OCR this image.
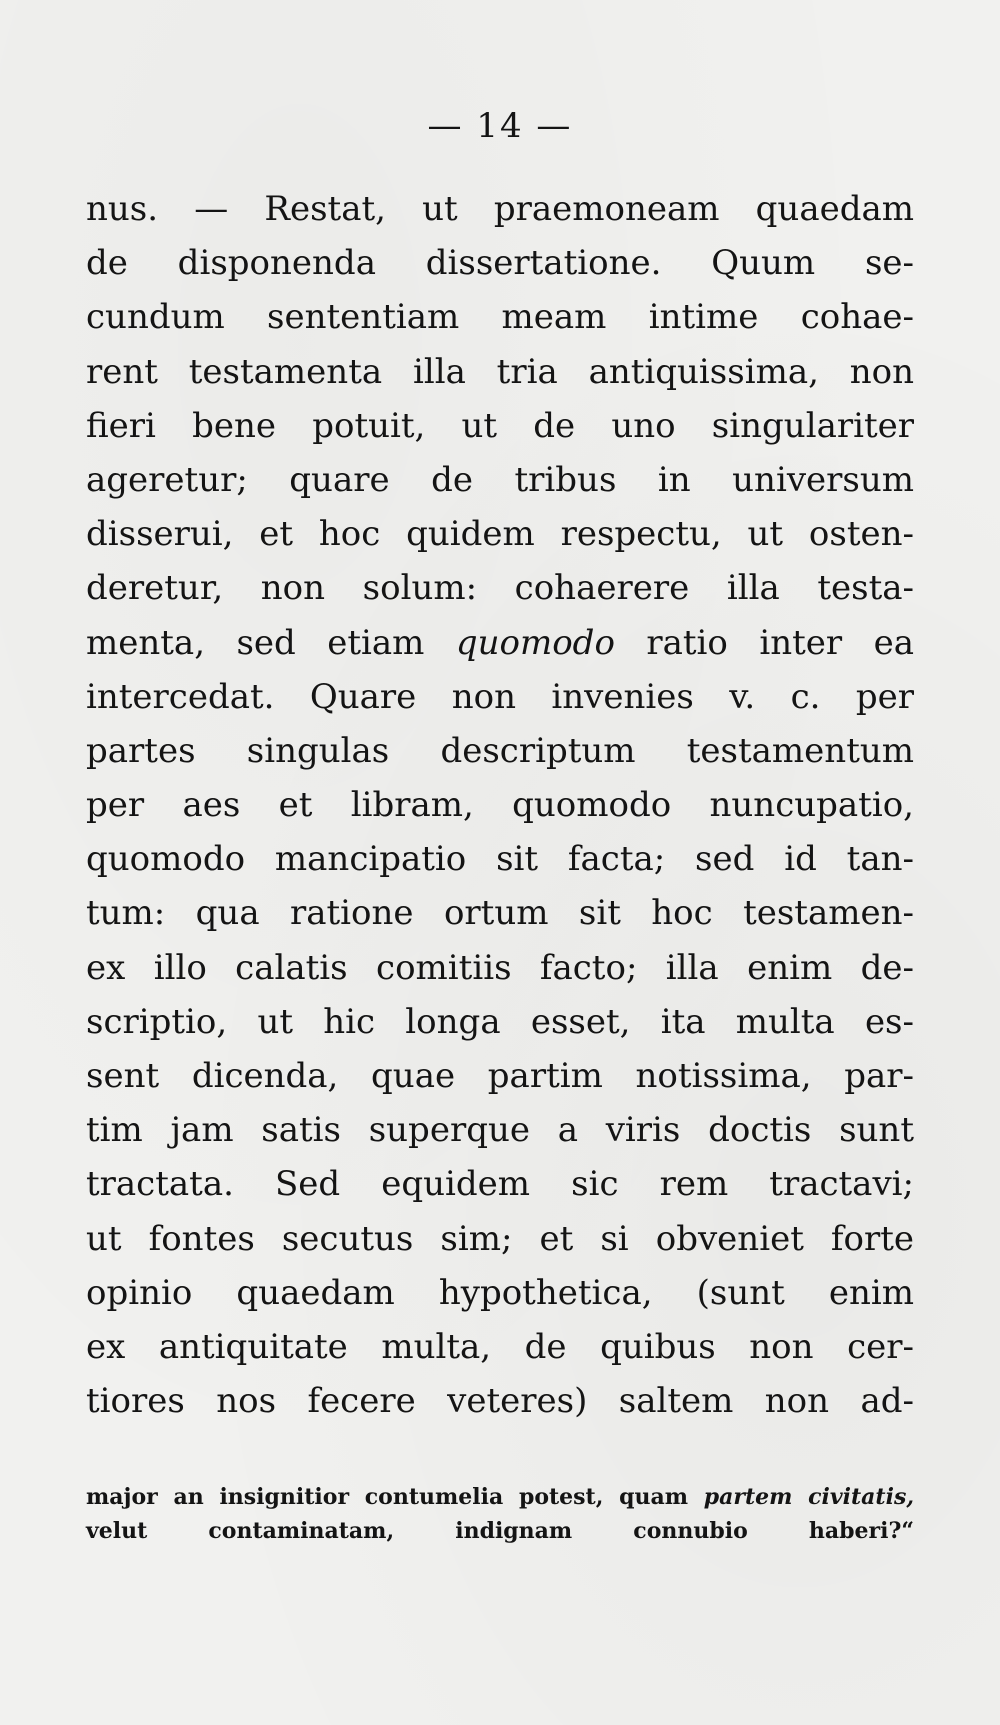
— 14 —
nus. — Restat, ut praemoneam quaedam
de disponenda dissertatione. Quum se-
cundum sententiam meam intime cohae-
rent testamenta illa tria antiquissima, non
fieri bene potuit, ut de uno singulariter
ageretur; quare de tribus in universum
disserui, et hoc quidem respectu, ut osten-
deretur, non solum: cohaerere illa testa-
menta, sed etiam quomodo ratio inter ea
intercedat. Quare non invenies v. c. per
partes singulas descriptum testamentum
per aes et libram, quomodo nuncupatio,
quomodo mancipatio sit facta; sed id tan-
tum: qua ratione ortum sit hoc testamen-
ex illo calatis comitiis facto; illa enim de-
scriptio, ut hic longa esset, ita multa es-
sent dicenda, quae partim notissima, par-
tim jam satis superque a viris doctis sunt
tractata. Sed equidem sic rem tractavi;
ut fontes secutus sim; et si obveniet forte
opinio quaedam hypothetica, (sunt enim
ex antiquitate multa, de quibus non cer-
tiores nos fecere veteres) saltem non ad-
major an insignitior contumelia potest, quam partem civitatis,
velut contaminatam, indignam connubio haberi?“
